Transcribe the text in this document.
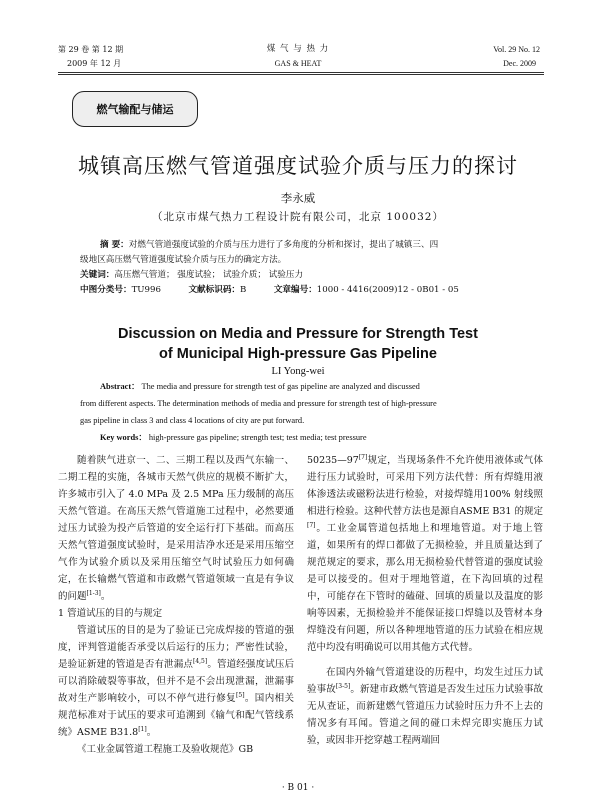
第 29 卷 第 12 期
2009 年 12 月
煤 气 与 热 力
GAS & HEAT
Vol. 29 No. 12
Dec. 2009
燃气输配与储运
城镇高压燃气管道强度试验介质与压力的探讨
李永威
（北京市煤气热力工程设计院有限公司，北京 100032）
摘 要：对燃气管道强度试验的介质与压力进行了多角度的分析和探讨，提出了城镇三、四
级地区高压燃气管道强度试验介质与压力的确定方法。
关键词：高压燃气管道； 强度试验； 试验介质； 试验压力
中图分类号：TU996	文献标识码：B	文章编号：1000 - 4416(2009)12 - 0B01 - 05
Discussion on Media and Pressure for Strength Test
of Municipal High-pressure Gas Pipeline
LI Yong-wei
Abstract： The media and pressure for strength test of gas pipeline are analyzed and discussed
from different aspects. The determination methods of media and pressure for strength test of high-pressure
gas pipeline in class 3 and class 4 locations of city are put forward.
Key words： high-pressure gas pipeline; strength test; test media; test pressure

随着陕气进京一、二、三期工程以及西气东输一、二期工程的实施，各城市天然气供应的规模不断扩大，许多城市引入了 4.0 MPa 及 2.5 MPa 压力级制的高压天然气管道。在高压天然气管道施工过程中，必然要通过压力试验为投产后管道的安全运行打下基础。而高压天然气管道强度试验时，是采用洁净水还是采用压缩空气作为试验介质以及采用压缩空气时试验压力如何确定，在长输燃气管道和市政燃气管道领域一直是有争议的问题[1-3]。

1 管道试压的目的与规定

管道试压的目的是为了验证已完成焊接的管道的强度，评判管道能否承受以后运行的压力；严密性试验，是验证新建的管道是否有泄漏点[4,5]。管道经强度试压后可以消除破裂等事故，但并不是不会出现泄漏，泄漏事故对生产影响较小，可以不停气进行修复[5]。国内相关规范标准对于试压的要求可追溯到《输气和配气管线系统》ASME B31.8[1]。

《工业金属管道工程施工及验收规范》GB

50235—97[7]规定，当现场条件不允许使用液体或气体进行压力试验时，可采用下列方法代替：所有焊缝用液体渗透法或磁粉法进行检验，对接焊缝用100% 射线照相进行检验。这种代替方法也是源自ASME B31 的规定[7]。工业金属管道包括地上和埋地管道。对于地上管道，如果所有的焊口都做了无损检验，并且质量达到了规范规定的要求，那么用无损检验代替管道的强度试验是可以接受的。但对于埋地管道，在下沟回填的过程中，可能存在下管时的磕碰、回填的质量以及温度的影响等因素，无损检验并不能保证接口焊缝以及管材本身焊缝没有问题，所以各种埋地管道的压力试验在相应规范中均没有明确说可以用其他方式代替。

在国内外输气管道建设的历程中，均发生过压力试验事故[3-5]。新建市政燃气管道是否发生过压力试验事故无从查证，而新建燃气管道压力试验时压力升不上去的情况多有耳闻。管道之间的碰口未焊完即实施压力试验，或因非开挖穿越工程两端回

· B 01 ·
